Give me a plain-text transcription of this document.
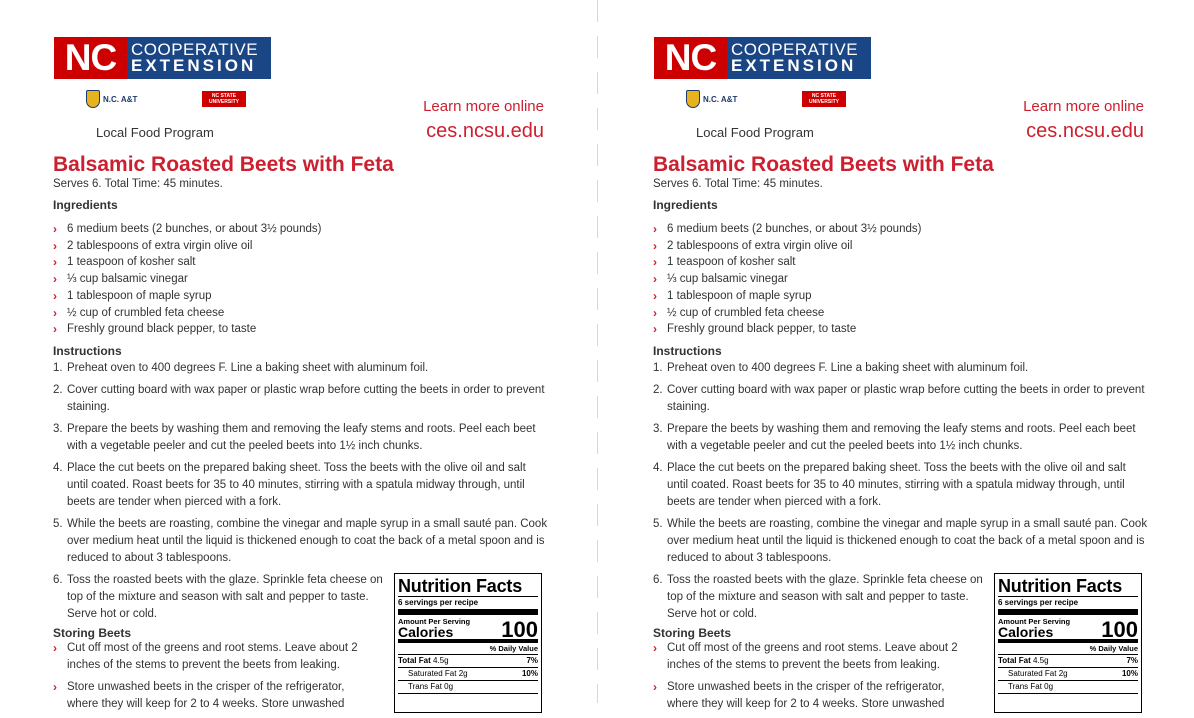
NC COOPERATIVE
EXTENSION
N.C. A&T	NC STATE UNIVERSITY
Local Food Program
Learn more online
ces.ncsu.edu
Balsamic Roasted Beets with Feta
Serves 6. Total Time: 45 minutes.
Ingredients
› 6 medium beets (2 bunches, or about 3½ pounds)
› 2 tablespoons of extra virgin olive oil
› 1 teaspoon of kosher salt
› ⅓ cup balsamic vinegar
› 1 tablespoon of maple syrup
› ½ cup of crumbled feta cheese
› Freshly ground black pepper, to taste
Instructions
1. Preheat oven to 400 degrees F. Line a baking sheet with aluminum foil.
2. Cover cutting board with wax paper or plastic wrap before cutting the beets in order to prevent staining.
3. Prepare the beets by washing them and removing the leafy stems and roots. Peel each beet with a vegetable peeler and cut the peeled beets into 1½ inch chunks.
4. Place the cut beets on the prepared baking sheet. Toss the beets with the olive oil and salt until coated. Roast beets for 35 to 40 minutes, stirring with a spatula midway through, until beets are tender when pierced with a fork.
5. While the beets are roasting, combine the vinegar and maple syrup in a small sauté pan. Cook over medium heat until the liquid is thickened enough to coat the back of a metal spoon and is reduced to about 3 tablespoons.
6. Toss the roasted beets with the glaze. Sprinkle feta cheese on top of the mixture and season with salt and pepper to taste. Serve hot or cold.
Storing Beets
› Cut off most of the greens and root stems. Leave about 2 inches of the stems to prevent the beets from leaking.
› Store unwashed beets in the crisper of the refrigerator, where they will keep for 2 to 4 weeks. Store unwashed
Nutrition Facts
6 servings per recipe
Amount Per Serving
Calories 100
% Daily Value
Total Fat 4.5g	7%
Saturated Fat 2g	10%
Trans Fat 0g
NC COOPERATIVE
EXTENSION
N.C. A&T	NC STATE UNIVERSITY
Local Food Program
Learn more online
ces.ncsu.edu
Balsamic Roasted Beets with Feta
Serves 6. Total Time: 45 minutes.
Ingredients
› 6 medium beets (2 bunches, or about 3½ pounds)
› 2 tablespoons of extra virgin olive oil
› 1 teaspoon of kosher salt
› ⅓ cup balsamic vinegar
› 1 tablespoon of maple syrup
› ½ cup of crumbled feta cheese
› Freshly ground black pepper, to taste
Instructions
1. Preheat oven to 400 degrees F. Line a baking sheet with aluminum foil.
2. Cover cutting board with wax paper or plastic wrap before cutting the beets in order to prevent staining.
3. Prepare the beets by washing them and removing the leafy stems and roots. Peel each beet with a vegetable peeler and cut the peeled beets into 1½ inch chunks.
4. Place the cut beets on the prepared baking sheet. Toss the beets with the olive oil and salt until coated. Roast beets for 35 to 40 minutes, stirring with a spatula midway through, until beets are tender when pierced with a fork.
5. While the beets are roasting, combine the vinegar and maple syrup in a small sauté pan. Cook over medium heat until the liquid is thickened enough to coat the back of a metal spoon and is reduced to about 3 tablespoons.
6. Toss the roasted beets with the glaze. Sprinkle feta cheese on top of the mixture and season with salt and pepper to taste. Serve hot or cold.
Storing Beets
› Cut off most of the greens and root stems. Leave about 2 inches of the stems to prevent the beets from leaking.
› Store unwashed beets in the crisper of the refrigerator, where they will keep for 2 to 4 weeks. Store unwashed
Nutrition Facts
6 servings per recipe
Amount Per Serving
Calories 100
% Daily Value
Total Fat 4.5g	7%
Saturated Fat 2g	10%
Trans Fat 0g
